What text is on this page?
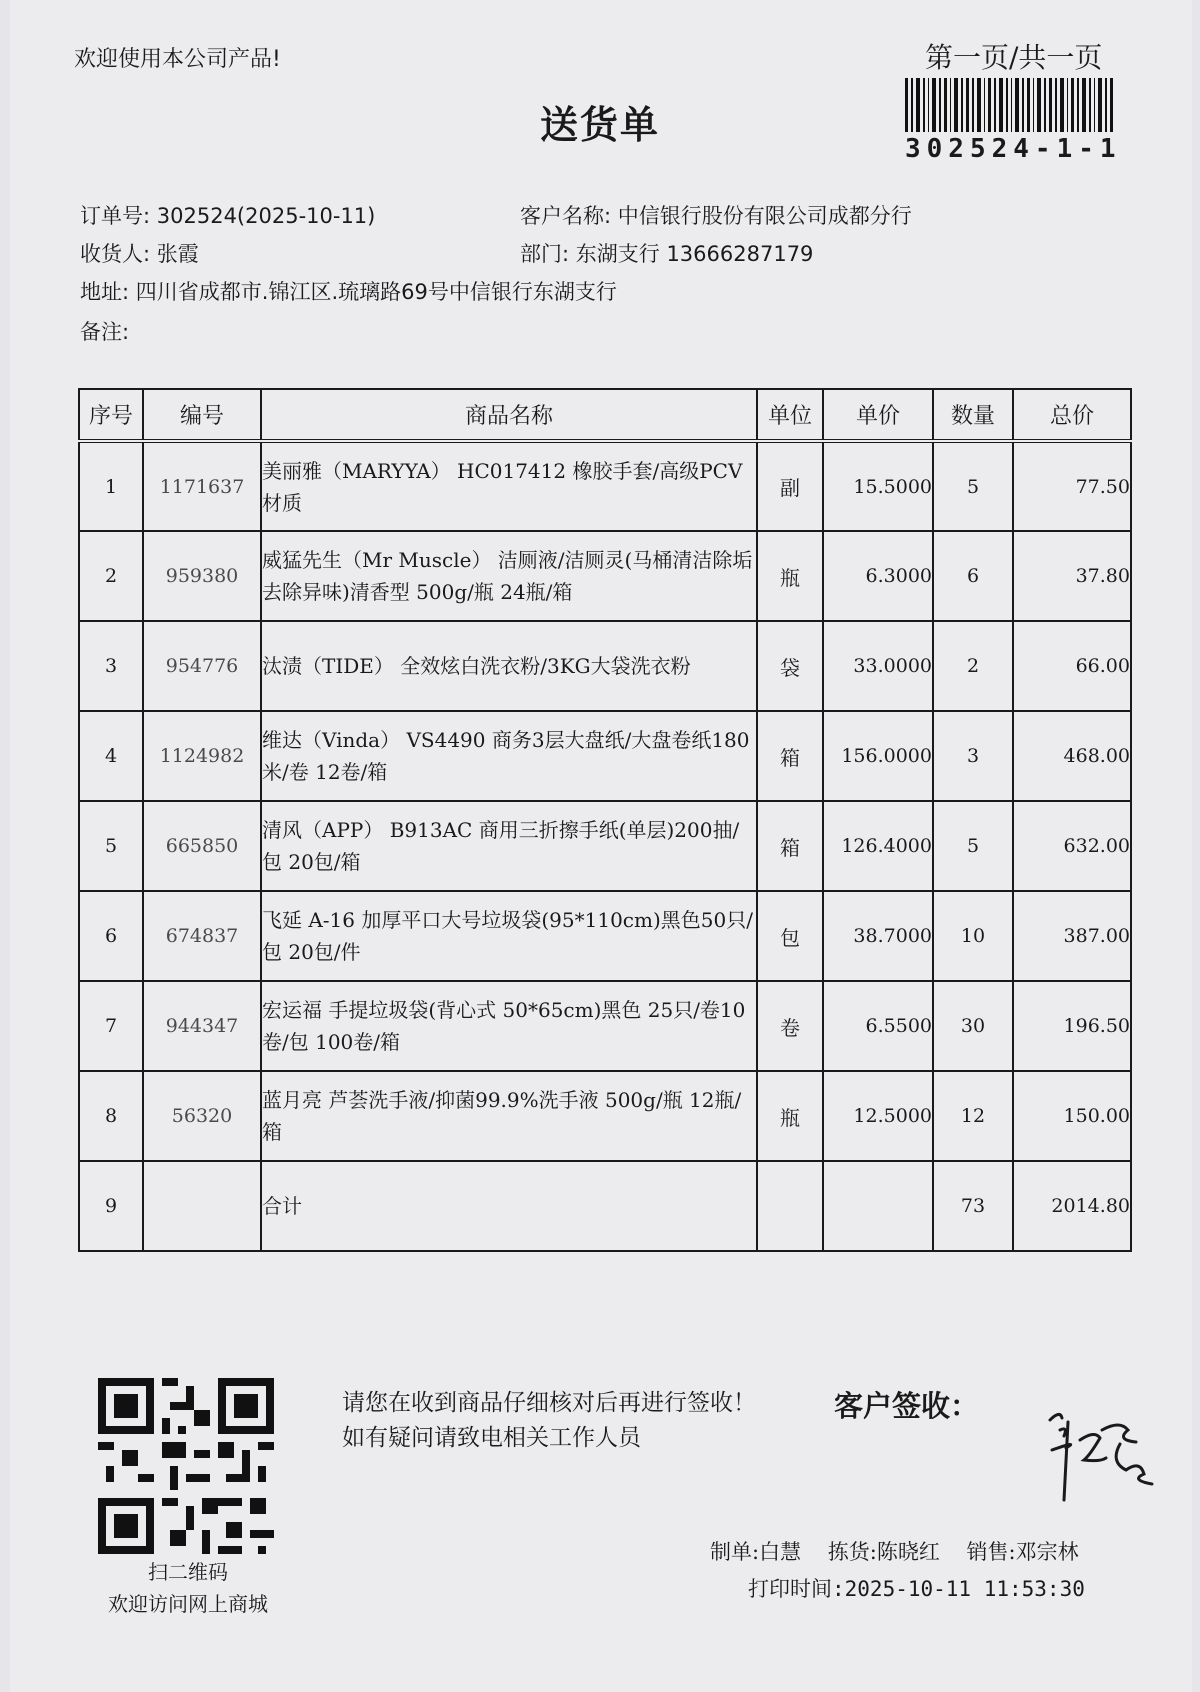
欢迎使用本公司产品!
送货单
第一页/共一页
302524-1-1
订单号: 302524(2025-10-11)	客户名称: 中信银行股份有限公司成都分行
收货人: 张霞	部门: 东湖支行 13666287179
地址: 四川省成都市.锦江区.琉璃路69号中信银行东湖支行
备注:
序号	编号	商品名称	单位	单价	数量	总价
1	1171637	美丽雅（MARYYA） HC017412 橡胶手套/高级PCV材质	副	15.5000	5	77.50
2	959380	威猛先生（Mr Muscle） 洁厕液/洁厕灵(马桶清洁除垢去除异味)清香型 500g/瓶 24瓶/箱	瓶	6.3000	6	37.80
3	954776	汰渍（TIDE） 全效炫白洗衣粉/3KG大袋洗衣粉	袋	33.0000	2	66.00
4	1124982	维达（Vinda） VS4490 商务3层大盘纸/大盘卷纸180米/卷 12卷/箱	箱	156.0000	3	468.00
5	665850	清风（APP） B913AC 商用三折擦手纸(单层)200抽/包 20包/箱	箱	126.4000	5	632.00
6	674837	飞延 A-16 加厚平口大号垃圾袋(95*110cm)黑色50只/包 20包/件	包	38.7000	10	387.00
7	944347	宏运福 手提垃圾袋(背心式 50*65cm)黑色 25只/卷10卷/包 100卷/箱	卷	6.5500	30	196.50
8	56320	蓝月亮 芦荟洗手液/抑菌99.9%洗手液 500g/瓶 12瓶/箱	瓶	12.5000	12	150.00
9		合计			73	2014.80
扫二维码
欢迎访问网上商城
请您在收到商品仔细核对后再进行签收！如有疑问请致电相关工作人员
客户签收：
制单:白慧 拣货:陈晓红 销售:邓宗林
打印时间:2025-10-11 11:53:30
